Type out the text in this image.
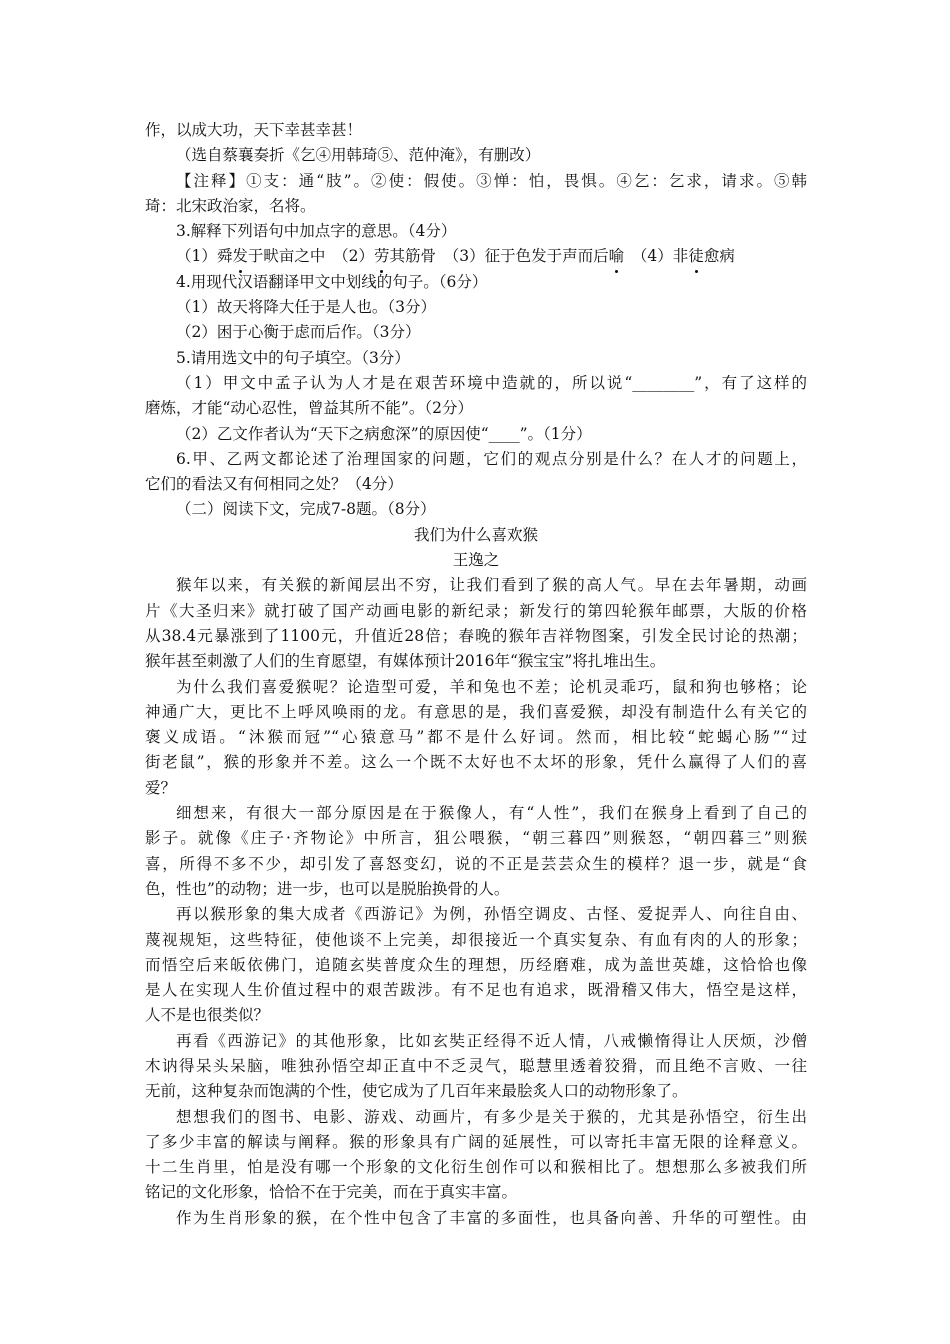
作，以成大功，天下幸甚幸甚！
（选自蔡襄奏折《乞④用韩琦⑤、范仲淹》，有删改）
【注释】①支：通“肢”。②使：假使。③惮：怕，畏惧。④乞：乞求，请求。⑤韩
琦：北宋政治家，名将。
3.解释下列语句中加点字的意思。（4分）
（1）舜发于畎亩之中　（2）劳其筋骨　（3）征于色发于声而后喻　（4）非徒愈病
4.用现代汉语翻译甲文中划线的句子。（6分）
（1）故天将降大任于是人也。（3分）
（2）困于心衡于虑而后作。（3分）
5.请用选文中的句子填空。（3分）
（1）甲文中孟子认为人才是在艰苦环境中造就的，所以说“________”，有了这样的
磨炼，才能“动心忍性，曾益其所不能”。（2分）
（2）乙文作者认为“天下之病愈深”的原因使“____”。（1分）
6.甲、乙两文都论述了治理国家的问题，它们的观点分别是什么？在人才的问题上，
它们的看法又有何相同之处？（4分）
（二）阅读下文，完成7-8题。（8分）
我们为什么喜欢猴
王逸之
猴年以来，有关猴的新闻层出不穷，让我们看到了猴的高人气。早在去年暑期，动画
片《大圣归来》就打破了国产动画电影的新纪录；新发行的第四轮猴年邮票，大版的价格
从38.4元暴涨到了1100元，升值近28倍；春晚的猴年吉祥物图案，引发全民讨论的热潮；
猴年甚至刺激了人们的生育愿望，有媒体预计2016年“猴宝宝”将扎堆出生。
为什么我们喜爱猴呢？论造型可爱，羊和兔也不差；论机灵乖巧，鼠和狗也够格；论
神通广大，更比不上呼风唤雨的龙。有意思的是，我们喜爱猴，却没有制造什么有关它的
褒义成语。“沐猴而冠”“心猿意马”都不是什么好词。然而，相比较“蛇蝎心肠”“过
街老鼠”，猴的形象并不差。这么一个既不太好也不太坏的形象，凭什么赢得了人们的喜
爱？
细想来，有很大一部分原因是在于猴像人，有“人性”，我们在猴身上看到了自己的
影子。就像《庄子·齐物论》中所言，狙公喂猴，“朝三暮四”则猴怒，“朝四暮三”则猴
喜，所得不多不少，却引发了喜怒变幻，说的不正是芸芸众生的模样？退一步，就是“食
色，性也”的动物；进一步，也可以是脱胎换骨的人。
再以猴形象的集大成者《西游记》为例，孙悟空调皮、古怪、爱捉弄人、向往自由、
蔑视规矩，这些特征，使他谈不上完美，却很接近一个真实复杂、有血有肉的人的形象；
而悟空后来皈依佛门，追随玄奘普度众生的理想，历经磨难，成为盖世英雄，这恰恰也像
是人在实现人生价值过程中的艰苦跋涉。有不足也有追求，既滑稽又伟大，悟空是这样，
人不是也很类似？
再看《西游记》的其他形象，比如玄奘正经得不近人情，八戒懒惰得让人厌烦，沙僧
木讷得呆头呆脑，唯独孙悟空却正直中不乏灵气，聪慧里透着狡猾，而且绝不言败、一往
无前，这种复杂而饱满的个性，使它成为了几百年来最脍炙人口的动物形象了。
想想我们的图书、电影、游戏、动画片，有多少是关于猴的，尤其是孙悟空，衍生出
了多少丰富的解读与阐释。猴的形象具有广阔的延展性，可以寄托丰富无限的诠释意义。
十二生肖里，怕是没有哪一个形象的文化衍生创作可以和猴相比了。想想那么多被我们所
铭记的文化形象，恰恰不在于完美，而在于真实丰富。
作为生肖形象的猴，在个性中包含了丰富的多面性，也具备向善、升华的可塑性。由
